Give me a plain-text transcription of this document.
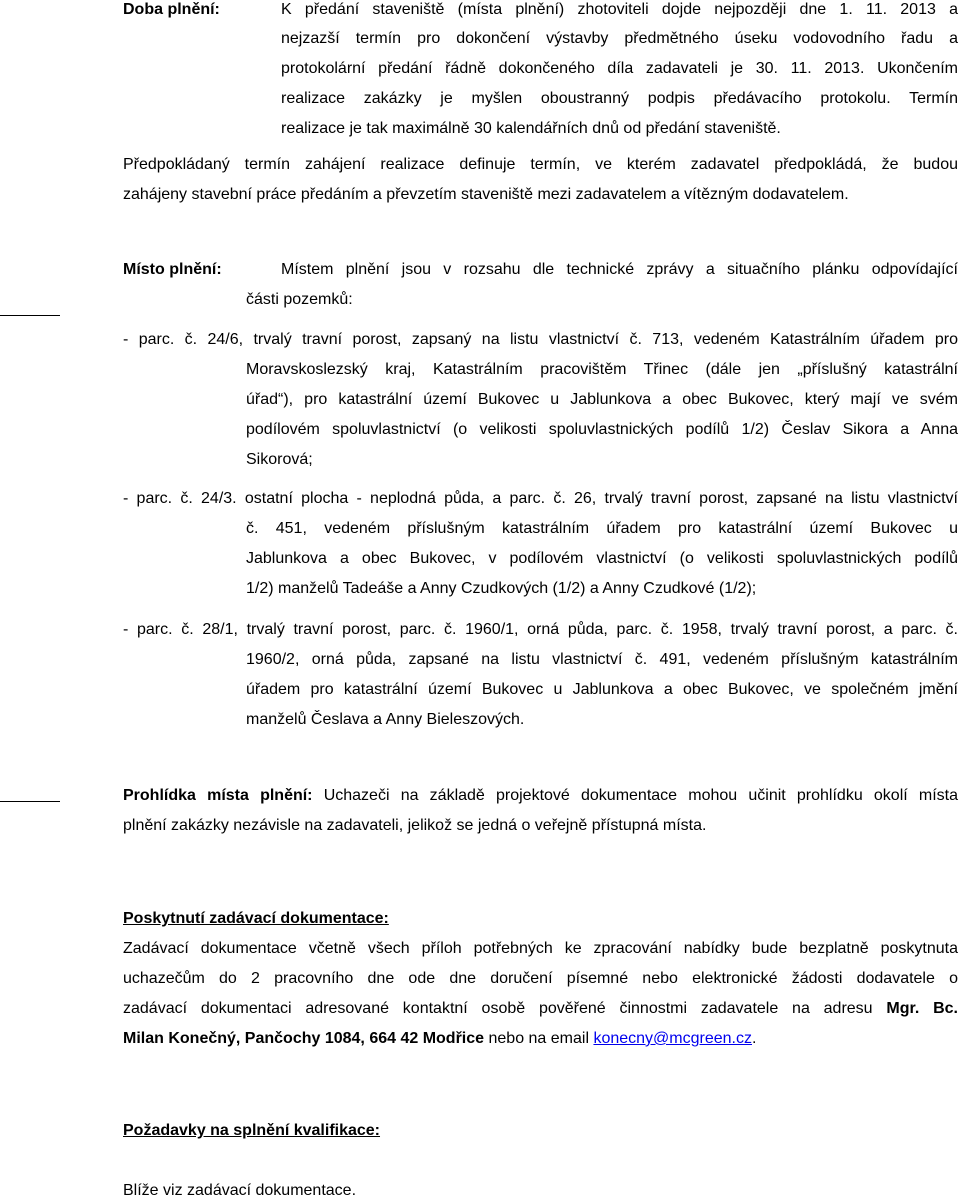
Doba plnění:	K předání staveniště (místa plnění) zhotoviteli dojde nejpozději dne 1. 11. 2013 a
nejzazší termín pro dokončení výstavby předmětného úseku vodovodního řadu a
protokolární předání řádně dokončeného díla zadavateli je 30. 11. 2013. Ukončením
realizace zakázky je myšlen oboustranný podpis předávacího protokolu. Termín
realizace je tak maximálně 30 kalendářních dnů od předání staveniště.
Předpokládaný termín zahájení realizace definuje termín, ve kterém zadavatel předpokládá, že budou
zahájeny stavební práce předáním a převzetím staveniště mezi zadavatelem a vítězným dodavatelem.
Místo plnění:	Místem plnění jsou v rozsahu dle technické zprávy a situačního plánku odpovídající
části pozemků:
- parc. č. 24/6, trvalý travní porost, zapsaný na listu vlastnictví č. 713, vedeném Katastrálním úřadem pro
Moravskoslezský kraj, Katastrálním pracovištěm Třinec (dále jen „příslušný katastrální
úřad“), pro katastrální území Bukovec u Jablunkova a obec Bukovec, který mají ve svém
podílovém spoluvlastnictví (o velikosti spoluvlastnických podílů 1/2) Česlav Sikora a Anna
Sikorová;
- parc. č. 24/3. ostatní plocha - neplodná půda, a parc. č. 26, trvalý travní porost, zapsané na listu vlastnictví
č. 451, vedeném příslušným katastrálním úřadem pro katastrální území Bukovec u
Jablunkova a obec Bukovec, v podílovém vlastnictví (o velikosti spoluvlastnických podílů
1/2) manželů Tadeáše a Anny Czudkových (1/2) a Anny Czudkové (1/2);
- parc. č. 28/1, trvalý travní porost, parc. č. 1960/1, orná půda, parc. č. 1958, trvalý travní porost, a parc. č.
1960/2, orná půda, zapsané na listu vlastnictví č. 491, vedeném příslušným katastrálním
úřadem pro katastrální území Bukovec u Jablunkova a obec Bukovec, ve společném jmění
manželů Česlava a Anny Bieleszových.
Prohlídka místa plnění: Uchazeči na základě projektové dokumentace mohou učinit prohlídku okolí místa
plnění zakázky nezávisle na zadavateli, jelikož se jedná o veřejně přístupná místa.
Poskytnutí zadávací dokumentace:
Zadávací dokumentace včetně všech příloh potřebných ke zpracování nabídky bude bezplatně poskytnuta
uchazečům do 2 pracovního dne ode dne doručení písemné nebo elektronické žádosti dodavatele o
zadávací dokumentaci adresované kontaktní osobě pověřené činnostmi zadavatele na adresu Mgr. Bc.
Milan Konečný, Pančochy 1084, 664 42 Modřice nebo na email konecny@mcgreen.cz.
Požadavky na splnění kvalifikace:
Blíže viz zadávací dokumentace.
